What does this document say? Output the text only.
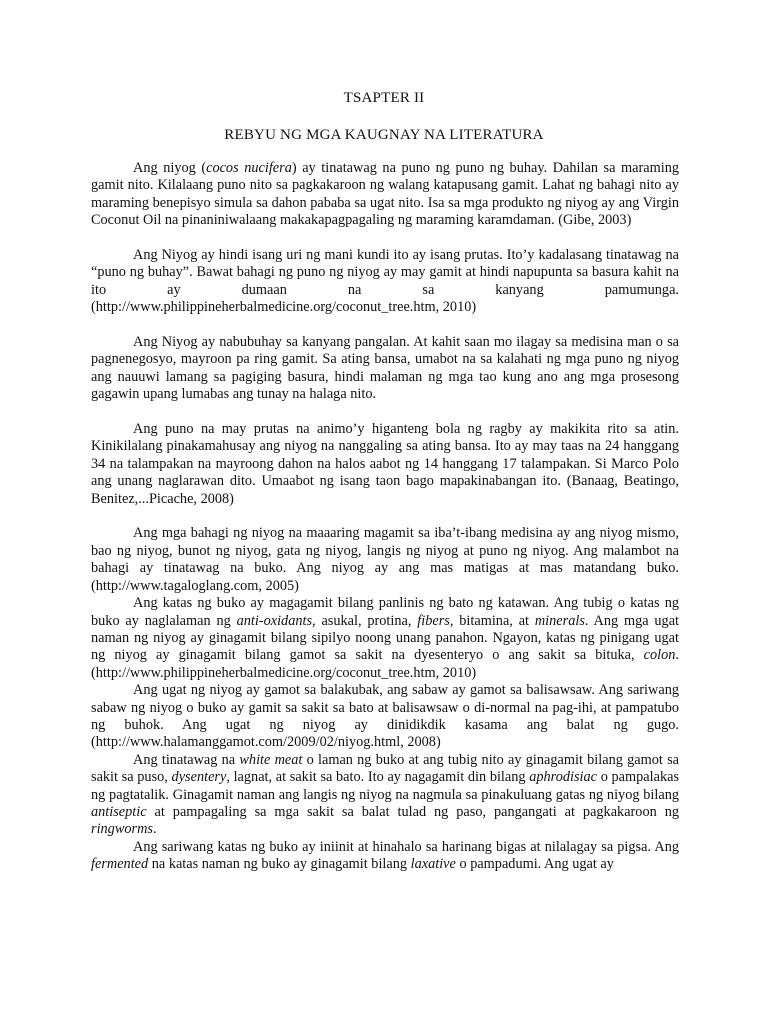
TSAPTER II
REBYU NG MGA KAUGNAY NA LITERATURA

Ang niyog (cocos nucifera) ay tinatawag na puno ng puno ng buhay. Dahilan sa maraming gamit nito. Kilalaang puno nito sa pagkakaroon ng walang katapusang gamit. Lahat ng bahagi nito ay maraming benepisyo simula sa dahon pababa sa ugat nito. Isa sa mga produkto ng niyog ay ang Virgin Coconut Oil na pinaniniwalaang makakapagpagaling ng maraming karamdaman. (Gibe, 2003)

Ang Niyog ay hindi isang uri ng mani kundi ito ay isang prutas. Ito’y kadalasang tinatawag na “puno ng buhay”. Bawat bahagi ng puno ng niyog ay may gamit at hindi napupunta sa basura kahit na ito ay dumaan na sa kanyang pamumunga. (http://www.philippineherbalmedicine.org/coconut_tree.htm, 2010)

Ang Niyog ay nabubuhay sa kanyang pangalan. At kahit saan mo ilagay sa medisina man o sa pagnenegosyo, mayroon pa ring gamit. Sa ating bansa, umabot na sa kalahati ng mga puno ng niyog ang nauuwi lamang sa pagiging basura, hindi malaman ng mga tao kung ano ang mga prosesong gagawin upang lumabas ang tunay na halaga nito.

Ang puno na may prutas na animo’y higanteng bola ng ragby ay makikita rito sa atin. Kinikilalang pinakamahusay ang niyog na nanggaling sa ating bansa. Ito ay may taas na 24 hanggang 34 na talampakan na mayroong dahon na halos aabot ng 14 hanggang 17 talampakan. Si Marco Polo ang unang naglarawan dito. Umaabot ng isang taon bago mapakinabangan ito. (Banaag, Beatingo, Benitez,...Picache, 2008)

Ang mga bahagi ng niyog na maaaring magamit sa iba’t-ibang medisina ay ang niyog mismo, bao ng niyog, bunot ng niyog, gata ng niyog, langis ng niyog at puno ng niyog. Ang malambot na bahagi ay tinatawag na buko. Ang niyog ay ang mas matigas at mas matandang buko. (http://www.tagaloglang.com, 2005)

Ang katas ng buko ay magagamit bilang panlinis ng bato ng katawan. Ang tubig o katas ng buko ay naglalaman ng anti-oxidants, asukal, protina, fibers, bitamina, at minerals. Ang mga ugat naman ng niyog ay ginagamit bilang sipilyo noong unang panahon. Ngayon, katas ng pinigang ugat ng niyog ay ginagamit bilang gamot sa sakit na dyesenteryo o ang sakit sa bituka, colon. (http://www.philippineherbalmedicine.org/coconut_tree.htm, 2010)

Ang ugat ng niyog ay gamot sa balakubak, ang sabaw ay gamot sa balisawsaw. Ang sariwang sabaw ng niyog o buko ay gamit sa sakit sa bato at balisawsaw o di-normal na pag-ihi, at pampatubo ng buhok. Ang ugat ng niyog ay dinidikdik kasama ang balat ng gugo. (http://www.halamanggamot.com/2009/02/niyog.html, 2008)

Ang tinatawag na white meat o laman ng buko at ang tubig nito ay ginagamit bilang gamot sa sakit sa puso, dysentery, lagnat, at sakit sa bato. Ito ay nagagamit din bilang aphrodisiac o pampalakas ng pagtatalik. Ginagamit naman ang langis ng niyog na nagmula sa pinakuluang gatas ng niyog bilang antiseptic at pampagaling sa mga sakit sa balat tulad ng paso, pangangati at pagkakaroon ng ringworms.

Ang sariwang katas ng buko ay iniinit at hinahalo sa harinang bigas at nilalagay sa pigsa. Ang fermented na katas naman ng buko ay ginagamit bilang laxative o pampadumi. Ang ugat ay
